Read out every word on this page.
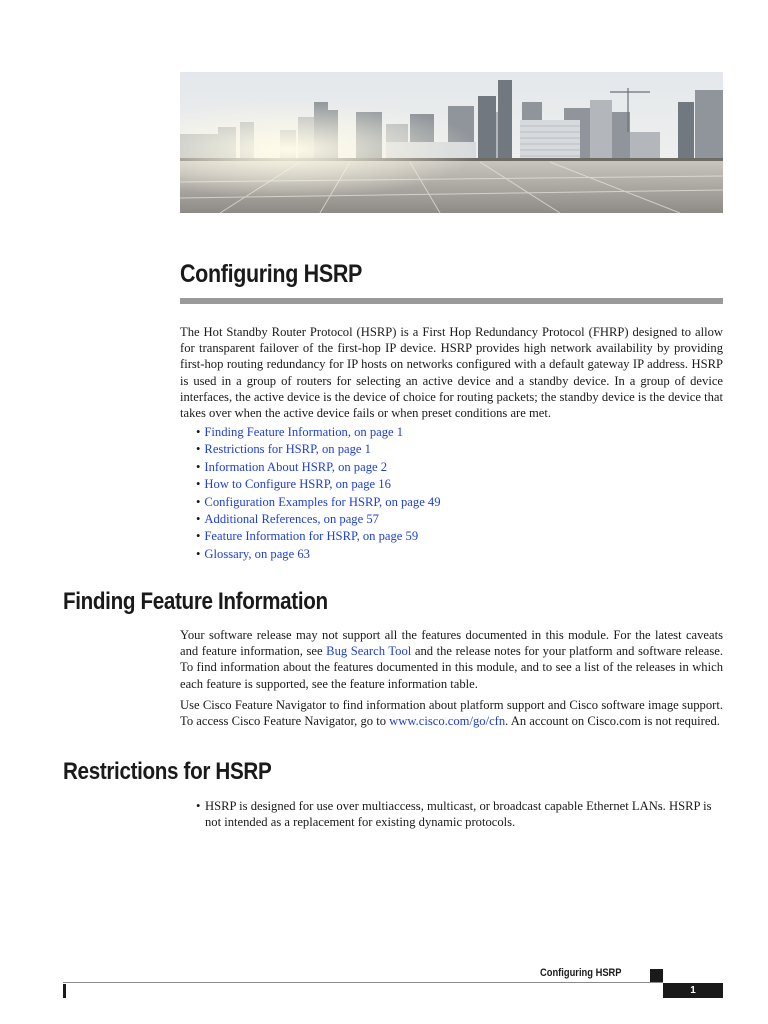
Configuring HSRP

The Hot Standby Router Protocol (HSRP) is a First Hop Redundancy Protocol (FHRP) designed to allow for transparent failover of the first-hop IP device. HSRP provides high network availability by providing first-hop routing redundancy for IP hosts on networks configured with a default gateway IP address. HSRP is used in a group of routers for selecting an active device and a standby device. In a group of device interfaces, the active device is the device of choice for routing packets; the standby device is the device that takes over when the active device fails or when preset conditions are met.

• Finding Feature Information, on page 1
• Restrictions for HSRP, on page 1
• Information About HSRP, on page 2
• How to Configure HSRP, on page 16
• Configuration Examples for HSRP, on page 49
• Additional References, on page 57
• Feature Information for HSRP, on page 59
• Glossary, on page 63
Finding Feature Information

Your software release may not support all the features documented in this module. For the latest caveats and feature information, see Bug Search Tool and the release notes for your platform and software release. To find information about the features documented in this module, and to see a list of the releases in which each feature is supported, see the feature information table.

Use Cisco Feature Navigator to find information about platform support and Cisco software image support. To access Cisco Feature Navigator, go to www.cisco.com/go/cfn. An account on Cisco.com is not required.

Restrictions for HSRP
• HSRP is designed for use over multiaccess, multicast, or broadcast capable Ethernet LANs. HSRP is not intended as a replacement for existing dynamic protocols.
Configuring HSRP
1
